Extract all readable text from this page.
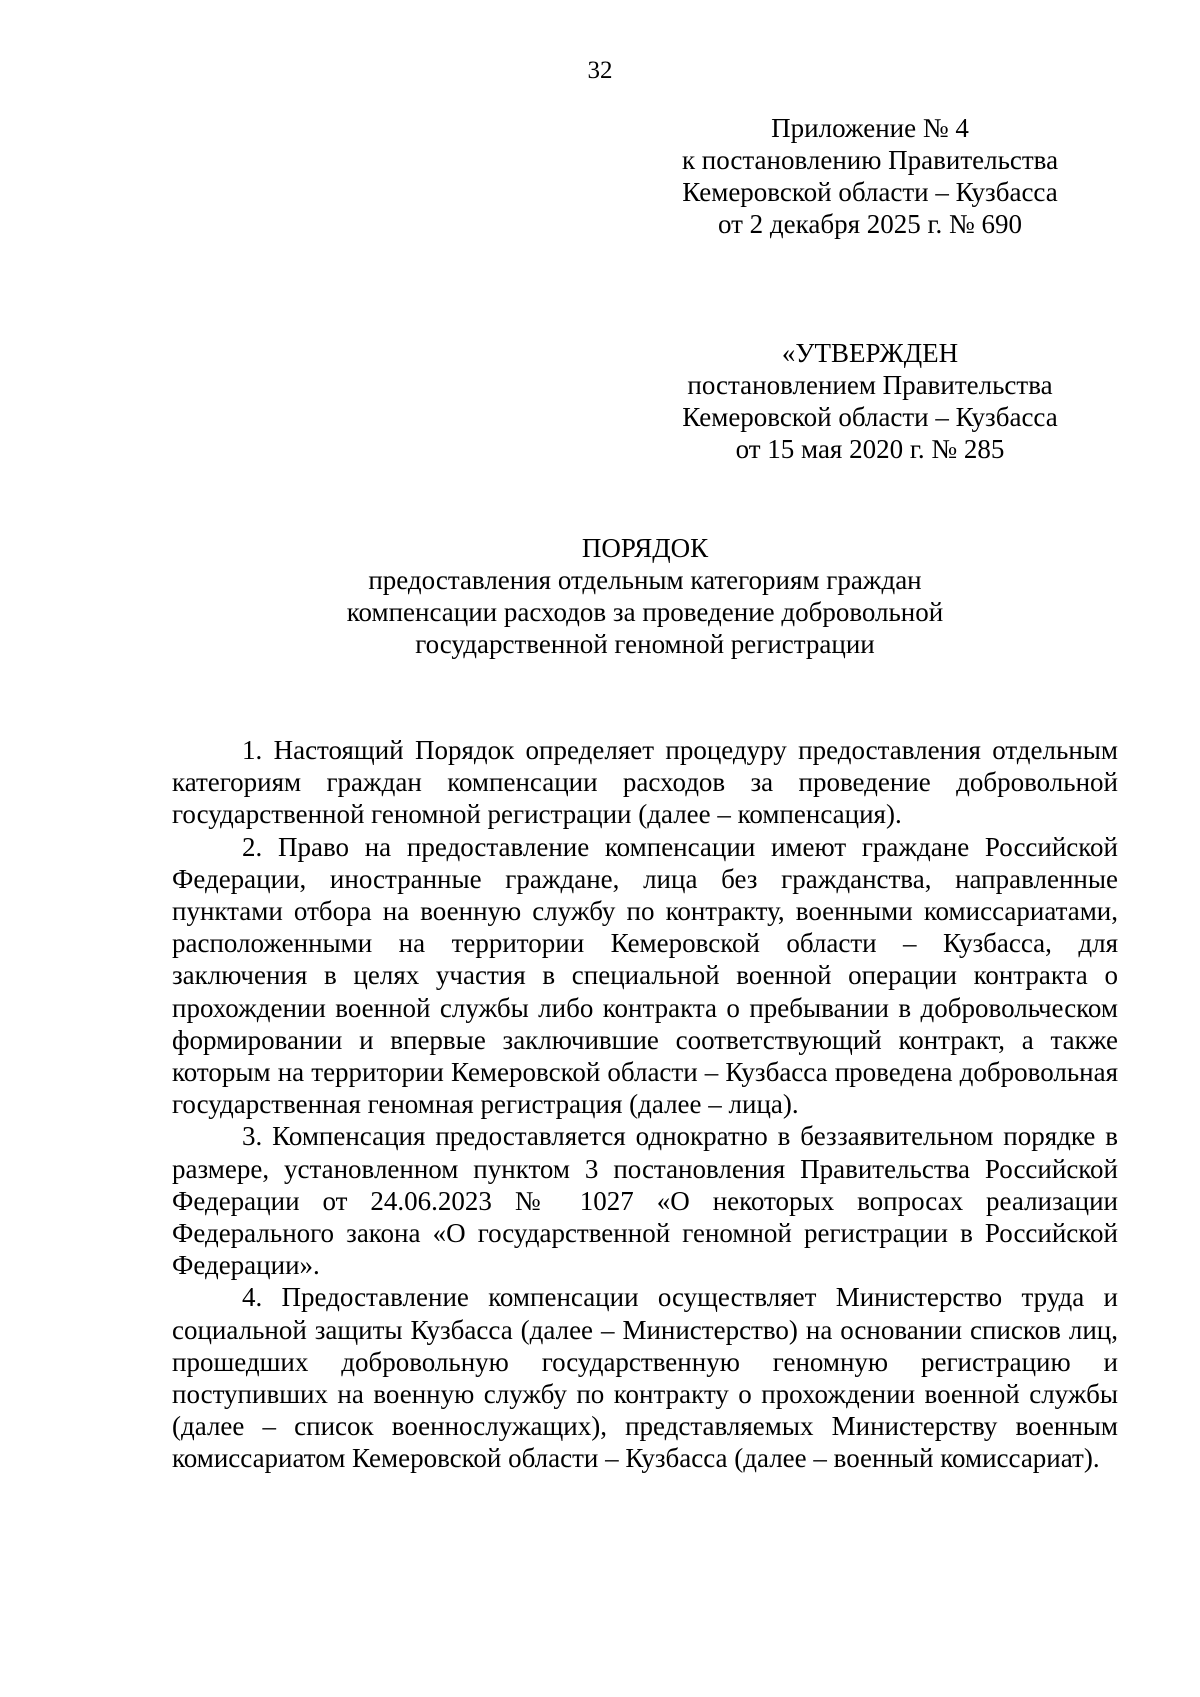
32
Приложение № 4
к постановлению Правительства
Кемеровской области – Кузбасса
от 2 декабря 2025 г. № 690
«УТВЕРЖДЕН
постановлением Правительства
Кемеровской области – Кузбасса
от 15 мая 2020 г. № 285
ПОРЯДОК
предоставления отдельным категориям граждан
компенсации расходов за проведение добровольной
государственной геномной регистрации

1. Настоящий Порядок определяет процедуру предоставления отдельным категориям граждан компенсации расходов за проведение добровольной государственной геномной регистрации (далее – компенсация).

2. Право на предоставление компенсации имеют граждане Российской Федерации, иностранные граждане, лица без гражданства, направленные пунктами отбора на военную службу по контракту, военными комиссариатами, расположенными на территории Кемеровской области – Кузбасса, для заключения в целях участия в специальной военной операции контракта о прохождении военной службы либо контракта о пребывании в добровольческом формировании и впервые заключившие соответствующий контракт, а также которым на территории Кемеровской области – Кузбасса проведена добровольная государственная геномная регистрация (далее – лица).

3. Компенсация предоставляется однократно в беззаявительном порядке в размере, установленном пунктом 3 постановления Правительства Российской Федерации от 24.06.2023 № 1027 «О некоторых вопросах реализации Федерального закона «О государственной геномной регистрации в Российской Федерации».

4. Предоставление компенсации осуществляет Министерство труда и социальной защиты Кузбасса (далее – Министерство) на основании списков лиц, прошедших добровольную государственную геномную регистрацию и поступивших на военную службу по контракту о прохождении военной службы (далее – список военнослужащих), представляемых Министерству военным комиссариатом Кемеровской области – Кузбасса (далее – военный комиссариат).
